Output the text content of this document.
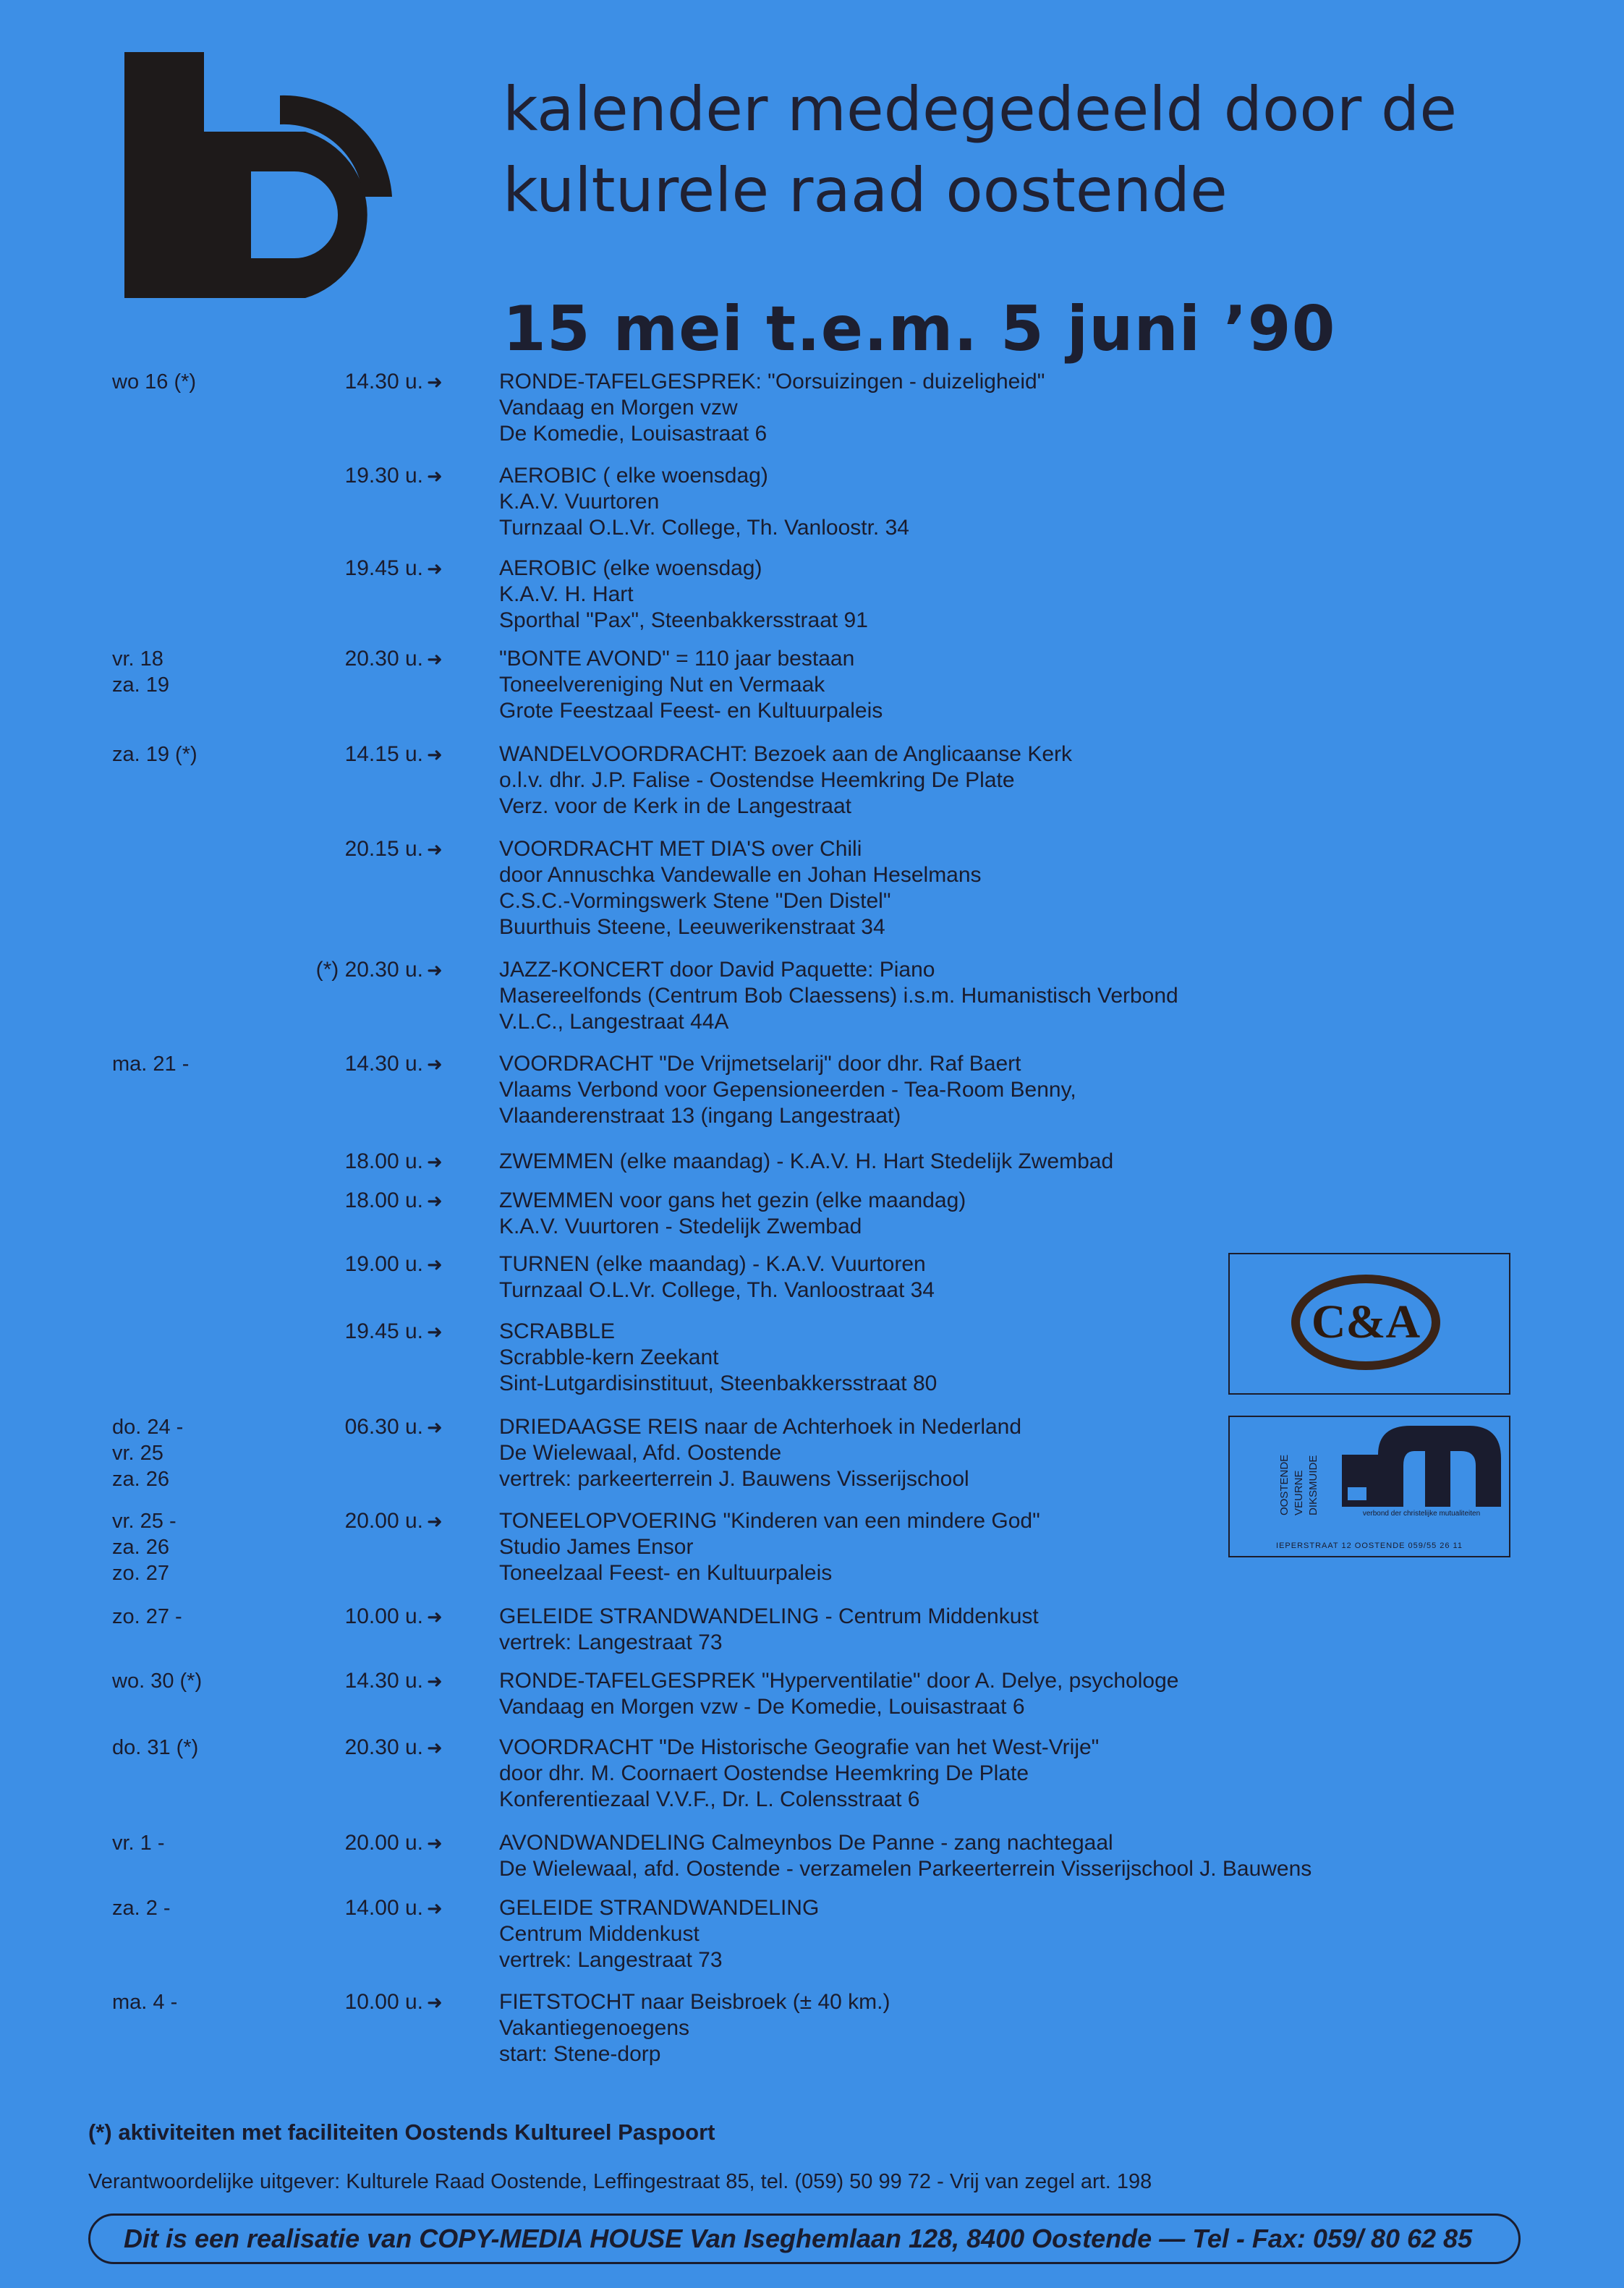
kalender medegedeeld door de
kulturele raad oostende
15 mei t.e.m. 5 juni ’90
wo 16 (*)	14.30 u. ➜	RONDE-TAFELGESPREK: "Oorsuizingen - duizeligheid"
Vandaag en Morgen vzw
De Komedie, Louisastraat 6
19.30 u. ➜	AEROBIC ( elke woensdag)
K.A.V. Vuurtoren
Turnzaal O.L.Vr. College, Th. Vanloostr. 34
19.45 u. ➜	AEROBIC (elke woensdag)
K.A.V. H. Hart
Sporthal "Pax", Steenbakkersstraat 91
vr. 18
za. 19
20.30 u. ➜	"BONTE AVOND" = 110 jaar bestaan
Toneelvereniging Nut en Vermaak
Grote Feestzaal Feest- en Kultuurpaleis
za. 19 (*)	14.15 u. ➜	WANDELVOORDRACHT: Bezoek aan de Anglicaanse Kerk
o.l.v. dhr. J.P. Falise - Oostendse Heemkring De Plate
Verz. voor de Kerk in de Langestraat
20.15 u. ➜	VOORDRACHT MET DIA'S over Chili
door Annuschka Vandewalle en Johan Heselmans
C.S.C.-Vormingswerk Stene "Den Distel"
Buurthuis Steene, Leeuwerikenstraat 34
(*) 20.30 u. ➜	JAZZ-KONCERT door David Paquette: Piano
Masereelfonds (Centrum Bob Claessens) i.s.m. Humanistisch Verbond
V.L.C., Langestraat 44A
ma. 21 -	14.30 u. ➜	VOORDRACHT "De Vrijmetselarij" door dhr. Raf Baert
Vlaams Verbond voor Gepensioneerden - Tea-Room Benny,
Vlaanderenstraat 13 (ingang Langestraat)
18.00 u. ➜	ZWEMMEN (elke maandag) - K.A.V. H. Hart Stedelijk Zwembad
18.00 u. ➜	ZWEMMEN voor gans het gezin (elke maandag)
K.A.V. Vuurtoren - Stedelijk Zwembad
19.00 u. ➜	TURNEN (elke maandag) - K.A.V. Vuurtoren
Turnzaal O.L.Vr. College, Th. Vanloostraat 34
19.45 u. ➜	SCRABBLE
Scrabble-kern Zeekant
Sint-Lutgardisinstituut, Steenbakkersstraat 80
do. 24 -
vr. 25
za. 26
06.30 u. ➜	DRIEDAAGSE REIS naar de Achterhoek in Nederland
De Wielewaal, Afd. Oostende
vertrek: parkeerterrein J. Bauwens Visserijschool
vr. 25 -
za. 26
zo. 27
20.00 u. ➜	TONEELOPVOERING "Kinderen van een mindere God"
Studio James Ensor
Toneelzaal Feest- en Kultuurpaleis
zo. 27 -	10.00 u. ➜	GELEIDE STRANDWANDELING - Centrum Middenkust
vertrek: Langestraat 73
wo. 30 (*)	14.30 u. ➜	RONDE-TAFELGESPREK "Hyperventilatie" door A. Delye, psychologe
Vandaag en Morgen vzw - De Komedie, Louisastraat 6
do. 31 (*)	20.30 u. ➜	VOORDRACHT "De Historische Geografie van het West-Vrije"
door dhr. M. Coornaert Oostendse Heemkring De Plate
Konferentiezaal V.V.F., Dr. L. Colensstraat 6
vr. 1 -	20.00 u. ➜	AVONDWANDELING Calmeynbos De Panne - zang nachtegaal
De Wielewaal, afd. Oostende - verzamelen Parkeerterrein Visserijschool J. Bauwens
za. 2 -	14.00 u. ➜	GELEIDE STRANDWANDELING
Centrum Middenkust
vertrek: Langestraat 73
ma. 4 -	10.00 u. ➜	FIETSTOCHT naar Beisbroek (± 40 km.)
Vakantiegenoegens
start: Stene-dorp
C&A
OOSTENDE VEURNE DIKSMUIDE	verbond der christelijke mutualiteiten
IEPERSTRAAT 12 OOSTENDE 059/55 26 11
(*) aktiviteiten met faciliteiten Oostends Kultureel Paspoort
Verantwoordelijke uitgever: Kulturele Raad Oostende, Leffingestraat 85, tel. (059) 50 99 72 - Vrij van zegel art. 198
Dit is een realisatie van COPY-MEDIA HOUSE Van Iseghemlaan 128, 8400 Oostende — Tel - Fax: 059/ 80 62 85
